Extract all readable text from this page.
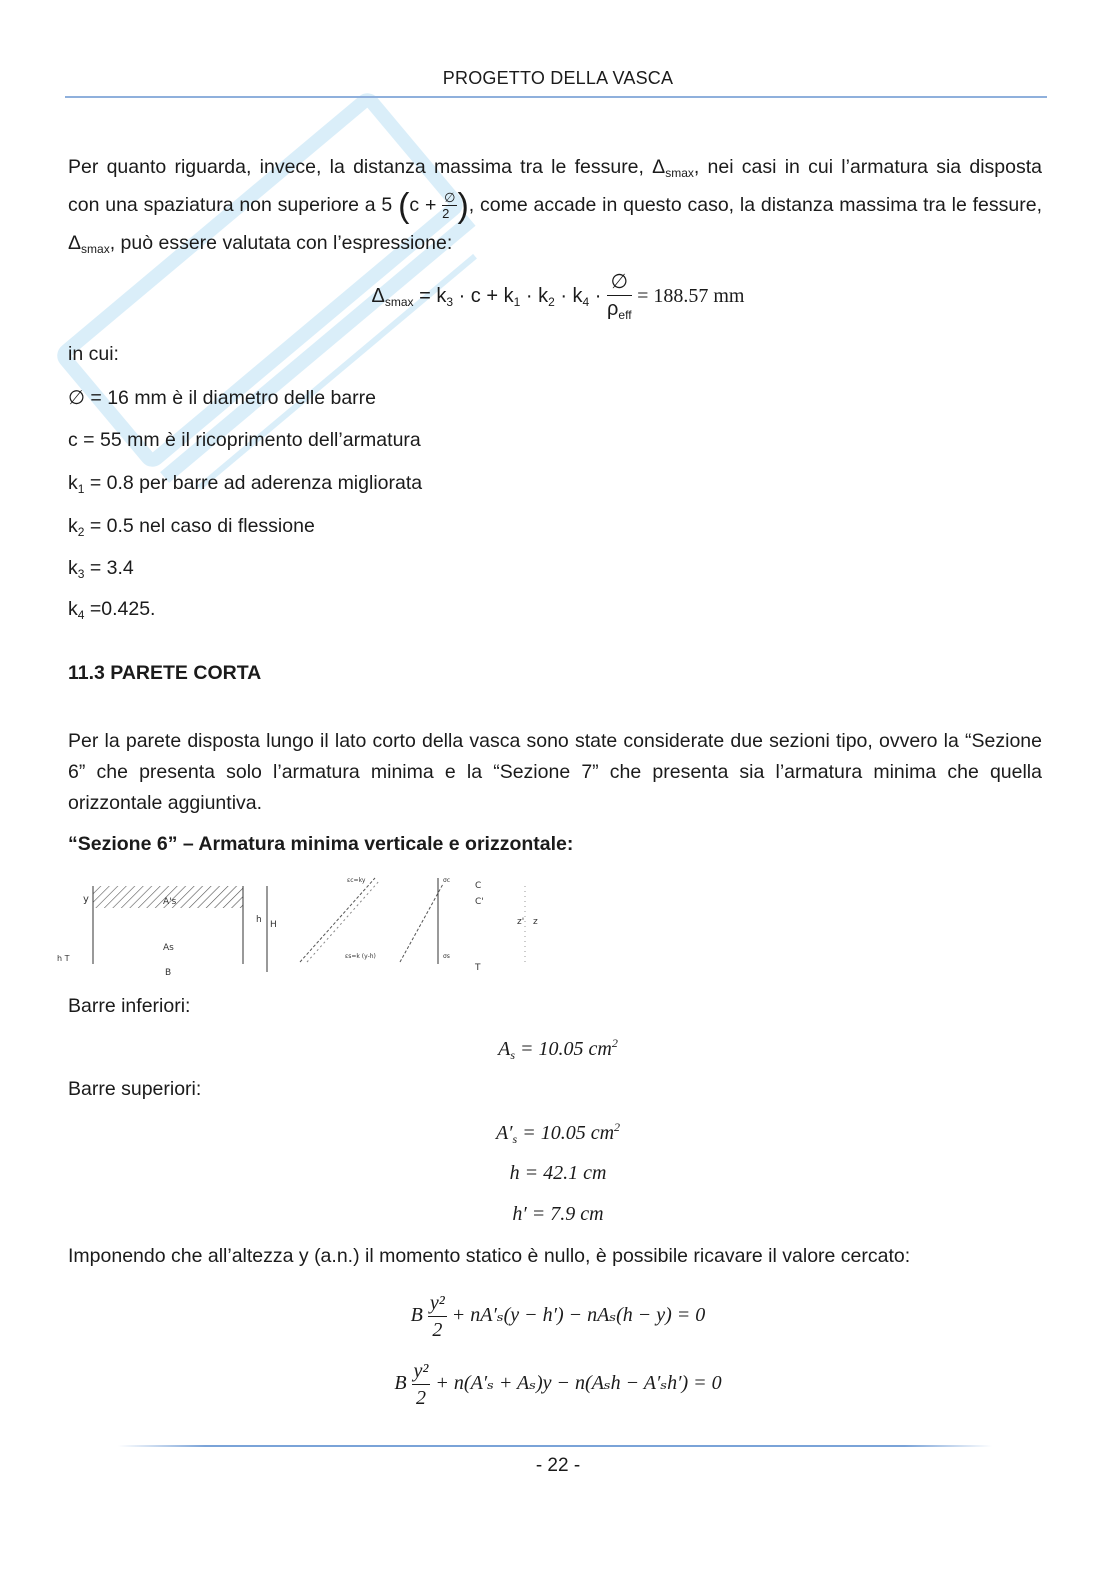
PROGETTO DELLA VASCA
Per quanto riguarda, invece, la distanza massima tra le fessure, $\Delta_{smax}$, nei casi in cui l’armatura sia disposta
con una spaziatura non superiore a 5 ($c + \frac{\emptyset}{2}$ ), come accade in questo caso, la distanza massima tra le fessure,
$\Delta_{smax}$, può essere valutata con l’espressione:
$\Delta_{smax} = k_3 \cdot c + k_1 \cdot k_2 \cdot k_4 \cdot \frac{\emptyset}{\rho_{eff}} = 188.57$ mm
in cui:
∅ = 16 mm è il diametro delle barre
c = 55 mm è il ricoprimento dell’armatura
$k_1 = 0.8$ per barre ad aderenza migliorata
$k_2 = 0.5$ nel caso di flessione
$k_3 = 3.4$
$k_4 =0.425$.
11.3 PARETE CORTA
Per la parete disposta lungo il lato corto della vasca sono state considerate due sezioni tipo, ovvero la “Sezione 6” che presenta solo l’armatura minima e la “Sezione 7” che presenta sia l’armatura minima che quella orizzontale aggiuntiva.
“Sezione 6” – Armatura minima verticale e orizzontale:
y	A's
h H
As
h T
B
εc=ky
εs=k (y-h)
σc
σs
C
C'
z' z
T
Barre inferiori:
$A_s = 10.05$ $cm^2$
Barre superiori:
$A'_s = 10.05$ $cm^2$
h = 42.1 cm
h′ = 7.9 cm
Imponendo che all’altezza y (a.n.) il momento statico è nullo, è possibile ricavare il valore cercato:
B $\frac{\text{y²}}{2} + nA'_s(y - h') - nA_s(h - y) = 0$
B $\frac{\text{y²}}{2} + n(A'_s + A_s)y - n(A_sh - A'_sh') = 0$
- 22 -
